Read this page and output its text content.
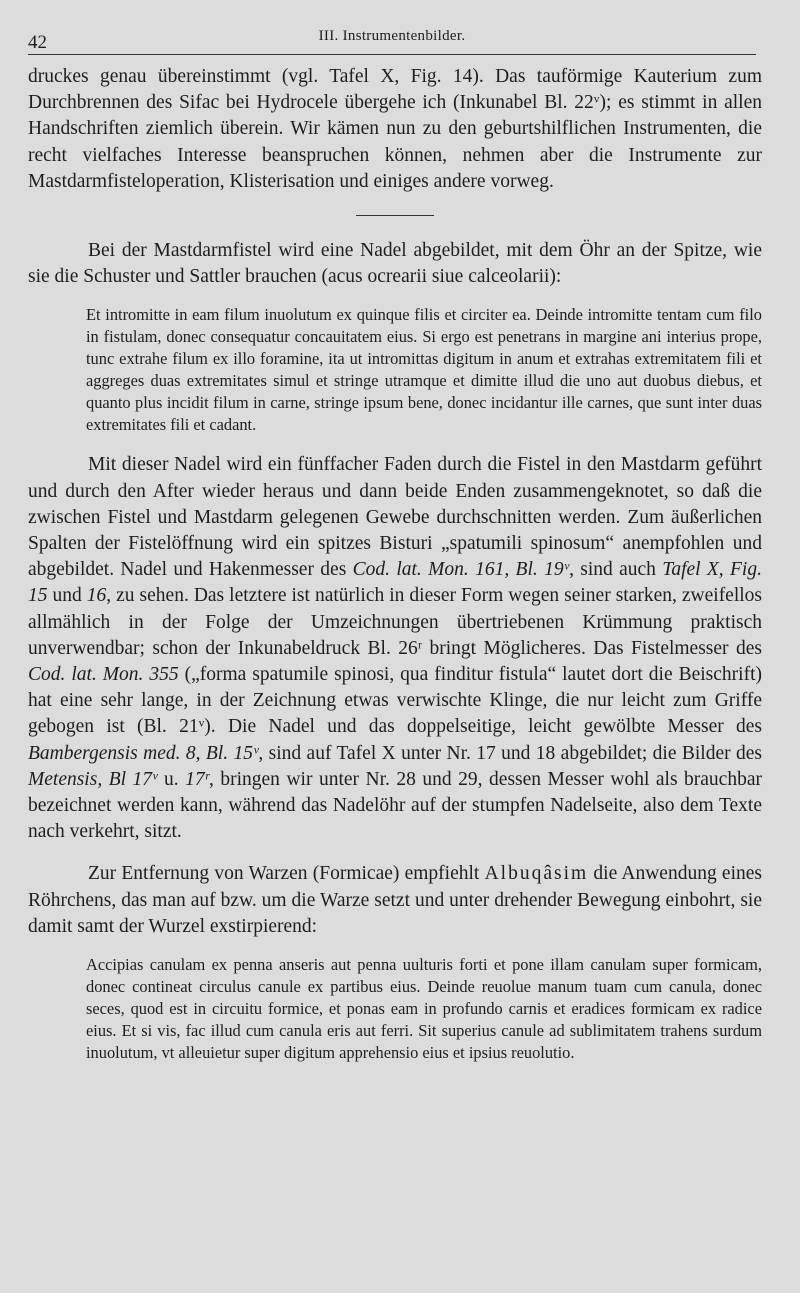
42	III. Instrumentenbilder.

druckes genau übereinstimmt (vgl. Tafel X, Fig. 14). Das tauförmige Kauterium zum Durchbrennen des Sifac bei Hydrocele übergehe ich (Inkunabel Bl. 22ᵛ); es stimmt in allen Handschriften ziemlich überein. Wir kämen nun zu den geburtshilflichen Instrumenten, die recht vielfaches Interesse beanspruchen können, nehmen aber die Instrumente zur Mastdarmfisteloperation, Klisterisation und einiges andere vorweg.

Bei der Mastdarmfistel wird eine Nadel abgebildet, mit dem Öhr an der Spitze, wie sie die Schuster und Sattler brauchen (acus ocrearii siue calceolarii):

Et intromitte in eam filum inuolutum ex quinque filis et circiter ea. Deinde intromitte tentam cum filo in fistulam, donec consequatur concauitatem eius. Si ergo est penetrans in margine ani interius prope, tunc extrahe filum ex illo foramine, ita ut intromittas digitum in anum et extrahas extremitatem fili et aggreges duas extremitates simul et stringe utramque et dimitte illud die uno aut duobus diebus, et quanto plus incidit filum in carne, stringe ipsum bene, donec incidantur ille carnes, que sunt inter duas extremitates fili et cadant.

Mit dieser Nadel wird ein fünffacher Faden durch die Fistel in den Mastdarm geführt und durch den After wieder heraus und dann beide Enden zusammengeknotet, so daß die zwischen Fistel und Mastdarm gelegenen Gewebe durchschnitten werden. Zum äußerlichen Spalten der Fistelöffnung wird ein spitzes Bisturi „spatumili spinosum“ anempfohlen und abgebildet. Nadel und Hakenmesser des Cod. lat. Mon. 161, Bl. 19ᵛ, sind auch Tafel X, Fig. 15 und 16, zu sehen. Das letztere ist natürlich in dieser Form wegen seiner starken, zweifellos allmählich in der Folge der Umzeichnungen übertriebenen Krümmung praktisch unverwendbar; schon der Inkunabeldruck Bl. 26ʳ bringt Möglicheres. Das Fistelmesser des Cod. lat. Mon. 355 („forma spatumile spinosi, qua finditur fistula“ lautet dort die Beischrift) hat eine sehr lange, in der Zeichnung etwas verwischte Klinge, die nur leicht zum Griffe gebogen ist (Bl. 21ᵛ). Die Nadel und das doppelseitige, leicht gewölbte Messer des Bambergensis med. 8, Bl. 15ᵛ, sind auf Tafel X unter Nr. 17 und 18 abgebildet; die Bilder des Metensis, Bl 17ᵛ u. 17ʳ, bringen wir unter Nr. 28 und 29, dessen Messer wohl als brauchbar bezeichnet werden kann, während das Nadelöhr auf der stumpfen Nadelseite, also dem Texte nach verkehrt, sitzt.

Zur Entfernung von Warzen (Formicae) empfiehlt Albuqâsim die Anwendung eines Röhrchens, das man auf bzw. um die Warze setzt und unter drehender Bewegung einbohrt, sie damit samt der Wurzel exstirpierend:

Accipias canulam ex penna anseris aut penna uulturis forti et pone illam canulam super formicam, donec contineat circulus canule ex partibus eius. Deinde reuolue manum tuam cum canula, donec seces, quod est in circuitu formice, et ponas eam in profundo carnis et eradices formicam ex radice eius. Et si vis, fac illud cum canula eris aut ferri. Sit superius canule ad sublimitatem trahens surdum inuolutum, vt alleuietur super digitum apprehensio eius et ipsius reuolutio.
